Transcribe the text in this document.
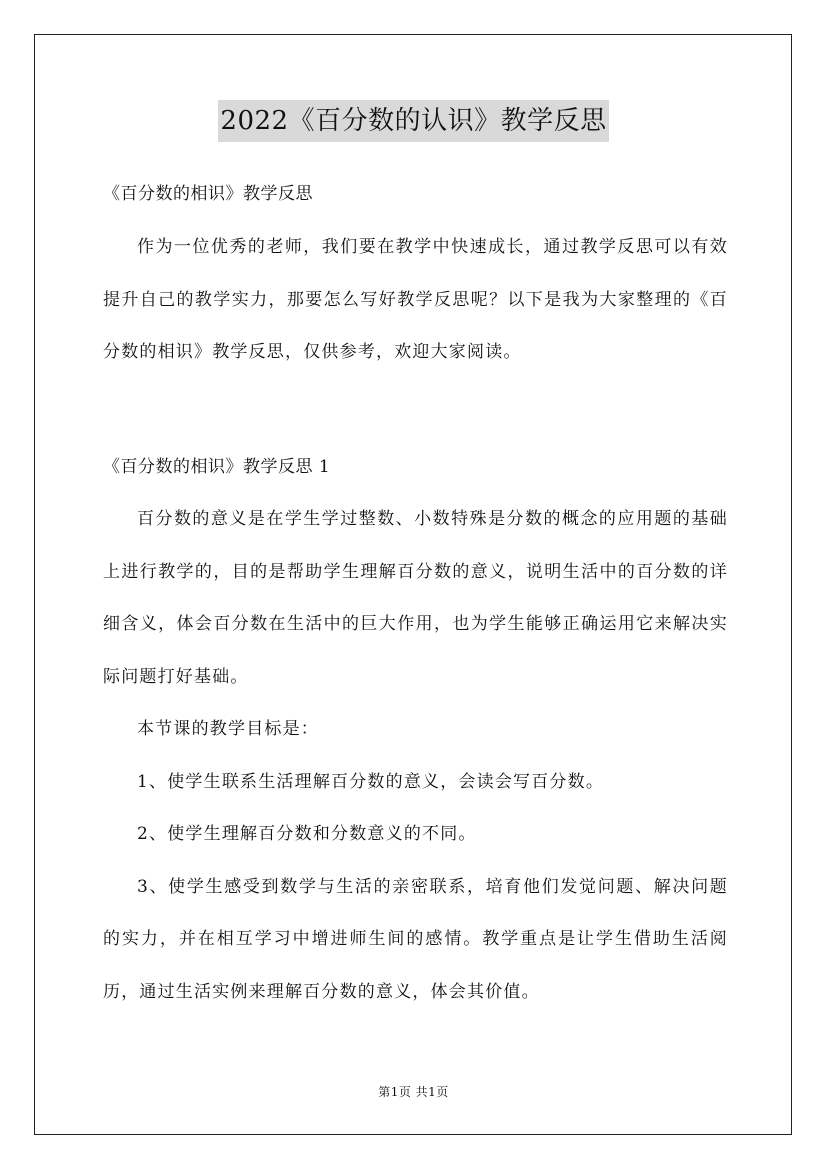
2022《百分数的认识》教学反思
《百分数的相识》教学反思

作为一位优秀的老师，我们要在教学中快速成长，通过教学反思可以有效提升自己的教学实力，那要怎么写好教学反思呢？以下是我为大家整理的《百分数的相识》教学反思，仅供参考，欢迎大家阅读。

《百分数的相识》教学反思 1

百分数的意义是在学生学过整数、小数特殊是分数的概念的应用题的基础上进行教学的，目的是帮助学生理解百分数的意义，说明生活中的百分数的详细含义，体会百分数在生活中的巨大作用，也为学生能够正确运用它来解决实际问题打好基础。

本节课的教学目标是：

1、使学生联系生活理解百分数的意义，会读会写百分数。

2、使学生理解百分数和分数意义的不同。

3、使学生感受到数学与生活的亲密联系，培育他们发觉问题、解决问题的实力，并在相互学习中增进师生间的感情。教学重点是让学生借助生活阅历，通过生活实例来理解百分数的意义，体会其价值。

第1页 共1页
